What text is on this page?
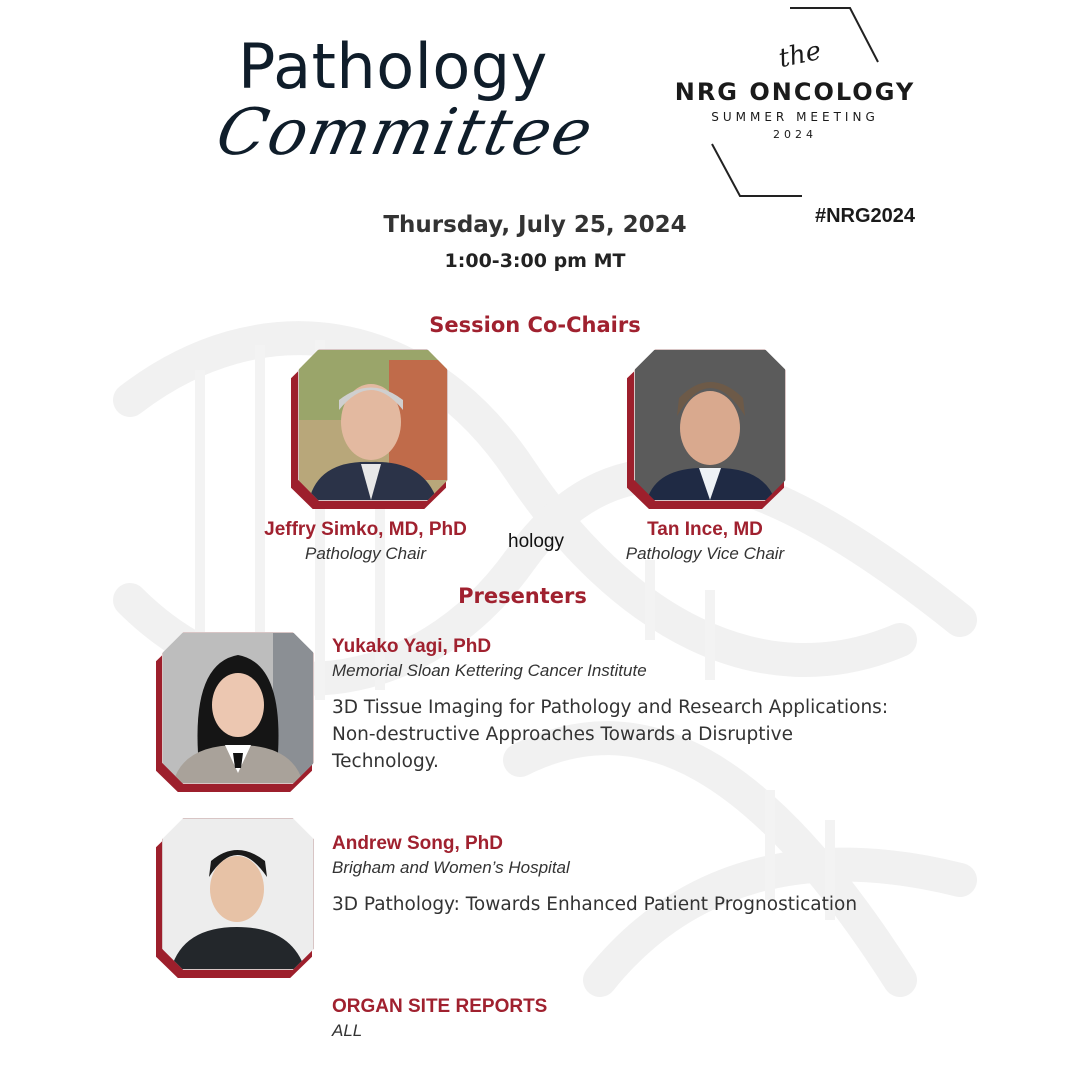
Pathology
Committee
Thursday, July 25, 2024
1:00-3:00 pm MT
the
NRG ONCOLOGY
SUMMER MEETING
2024
#NRG2024
Session Co-Chairs
Jeffry Simko, MD, PhD
Pathology Chair
hology
Tan Ince, MD
Pathology Vice Chair
Presenters
Yukako Yagi, PhD
Memorial Sloan Kettering Cancer Institute
3D Tissue Imaging for Pathology and Research Applications:
Non-destructive Approaches Towards a Disruptive
Technology.
Andrew Song, PhD
Brigham and Women’s Hospital
3D Pathology: Towards Enhanced Patient Prognostication
ORGAN SITE REPORTS
ALL
